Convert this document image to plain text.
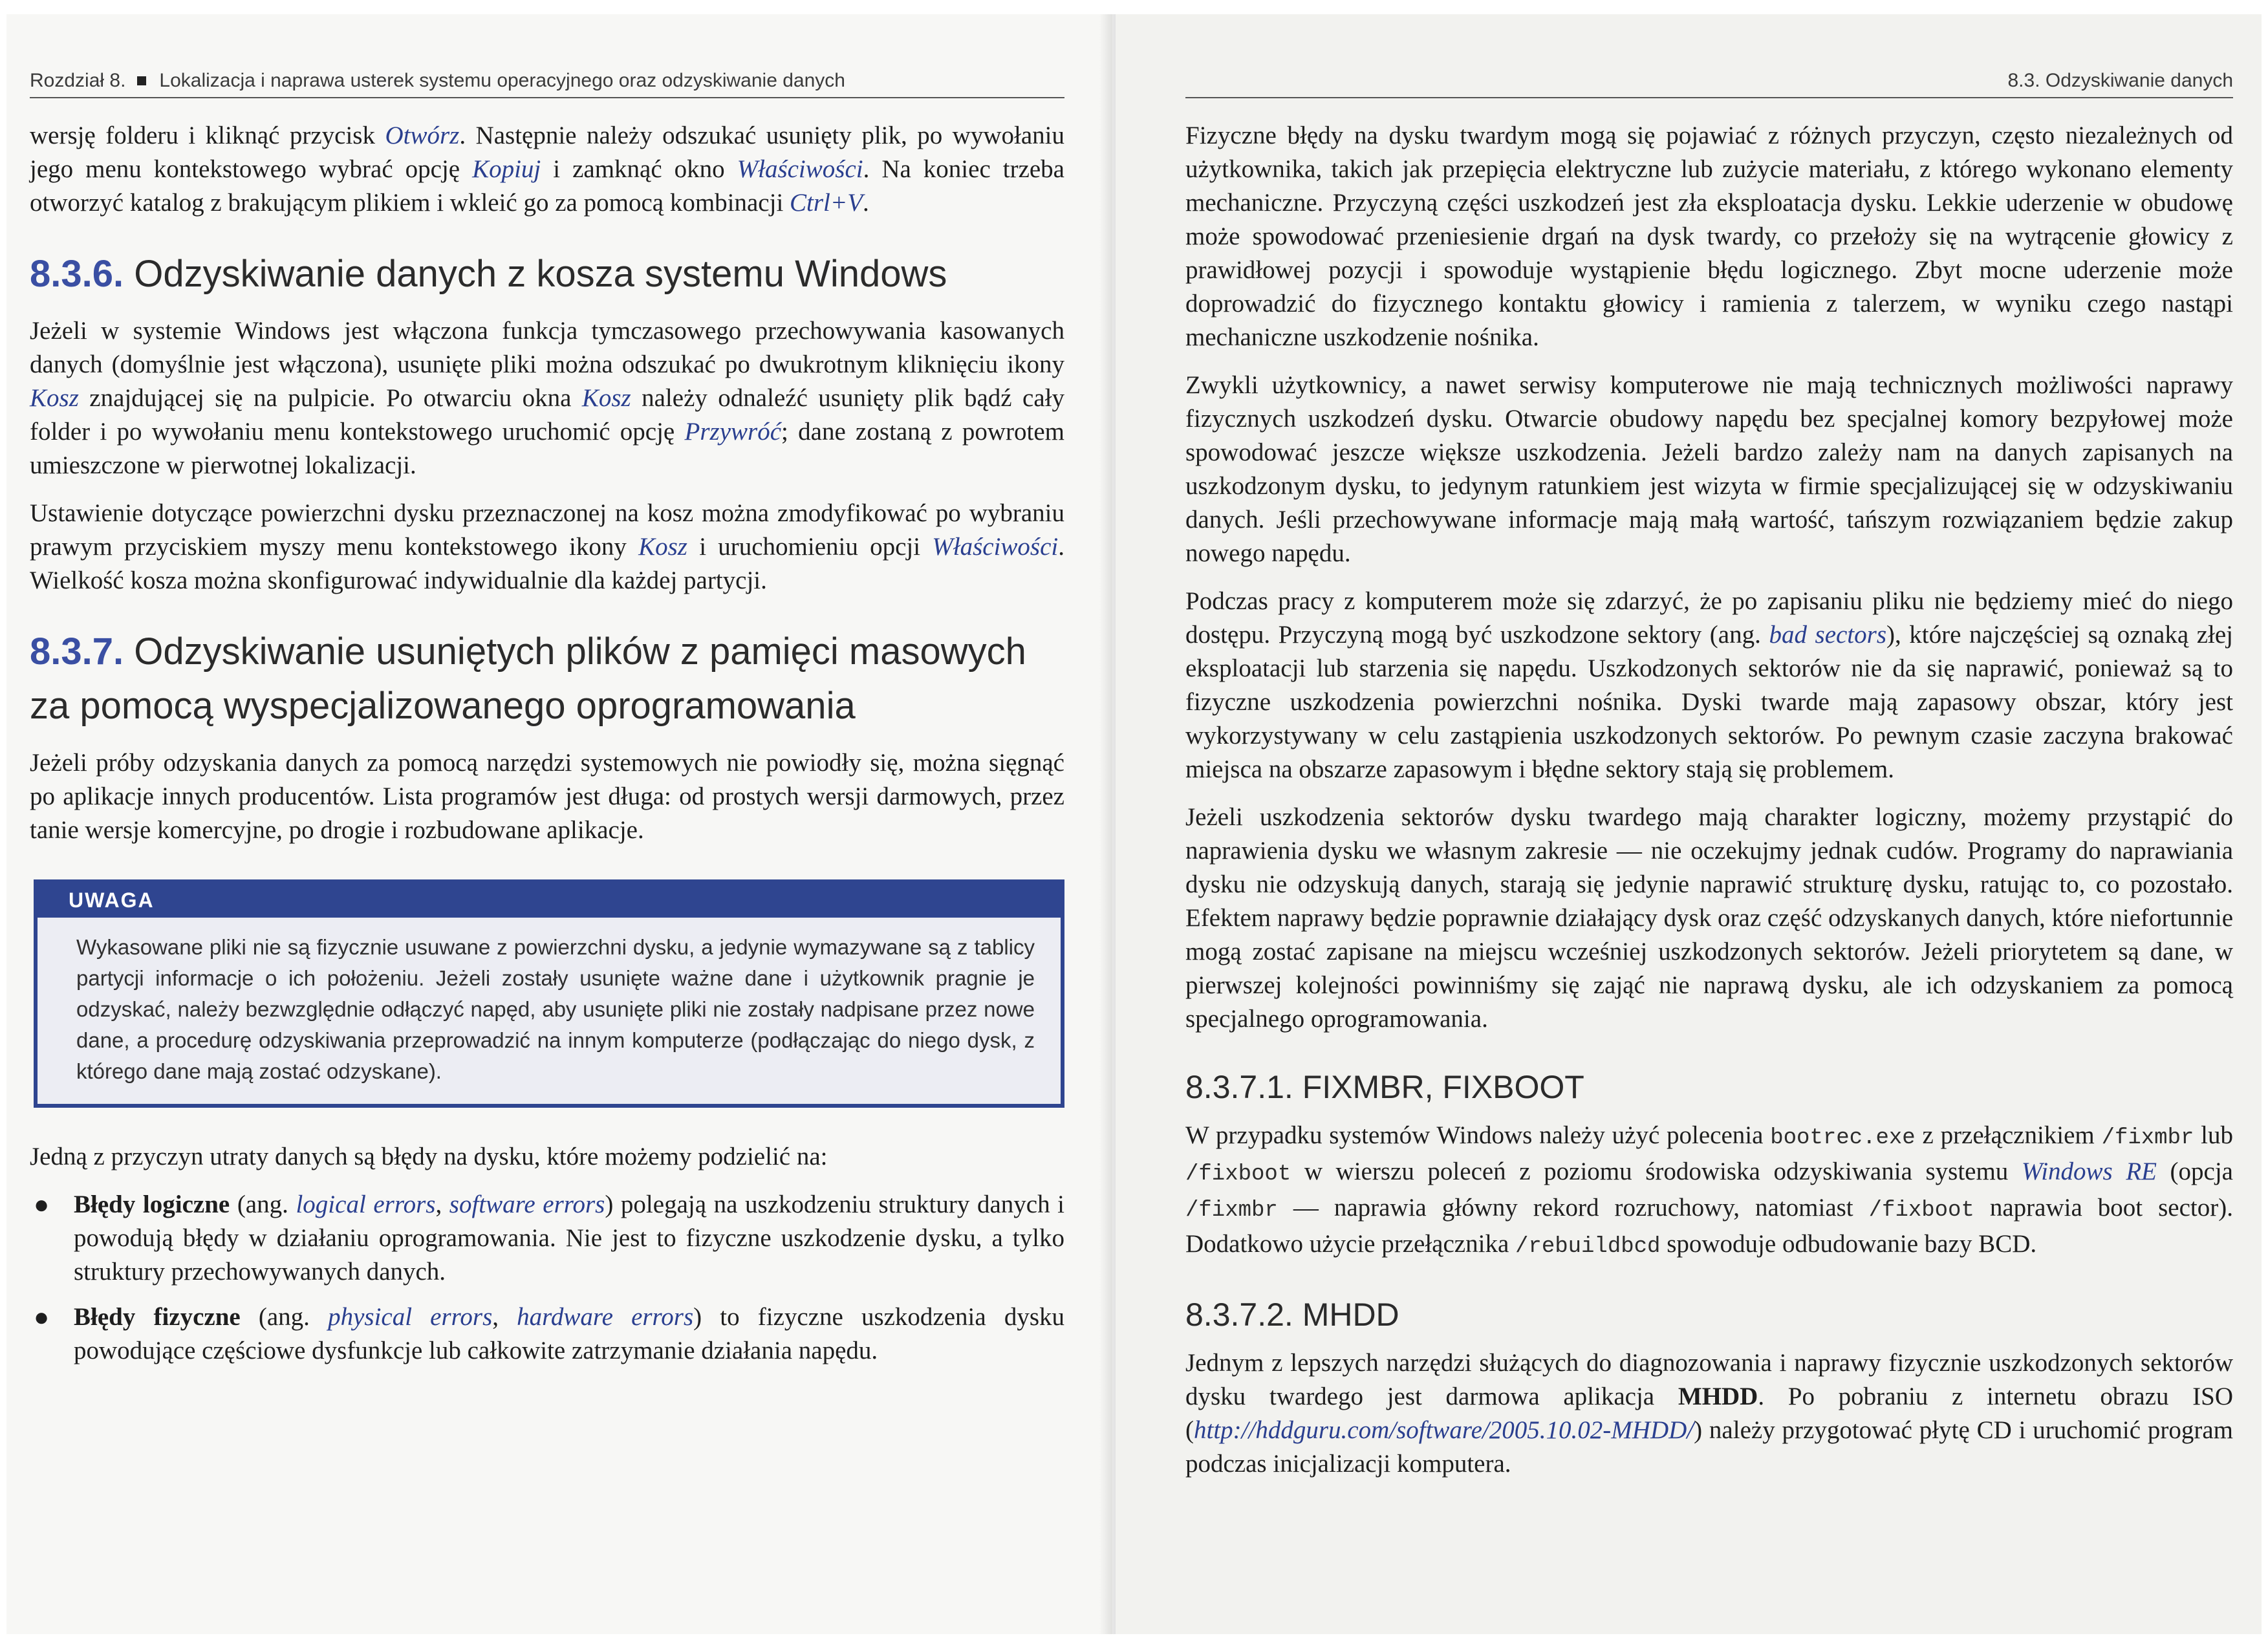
Rozdział 8. Lokalizacja i naprawa usterek systemu operacyjnego oraz odzyskiwanie danych

wersję folderu i kliknąć przycisk Otwórz. Następnie należy odszukać usunięty plik, po wywołaniu jego menu kontekstowego wybrać opcję Kopiuj i zamknąć okno Właściwości. Na koniec trzeba otworzyć katalog z brakującym plikiem i wkleić go za pomocą kombinacji Ctrl+V.

8.3.6. Odzyskiwanie danych z kosza systemu Windows

Jeżeli w systemie Windows jest włączona funkcja tymczasowego przechowywania kasowanych danych (domyślnie jest włączona), usunięte pliki można odszukać po dwukrotnym kliknięciu ikony Kosz znajdującej się na pulpicie. Po otwarciu okna Kosz należy odnaleźć usunięty plik bądź cały folder i po wywołaniu menu kontekstowego uruchomić opcję Przywróć; dane zostaną z powrotem umieszczone w pierwotnej lokalizacji.

Ustawienie dotyczące powierzchni dysku przeznaczonej na kosz można zmodyfikować po wybraniu prawym przyciskiem myszy menu kontekstowego ikony Kosz i uruchomieniu opcji Właściwości. Wielkość kosza można skonfigurować indywidualnie dla każdej partycji.

8.3.7. Odzyskiwanie usuniętych plików z pamięci masowych za pomocą wyspecjalizowanego oprogramowania

Jeżeli próby odzyskania danych za pomocą narzędzi systemowych nie powiodły się, można sięgnąć po aplikacje innych producentów. Lista programów jest długa: od prostych wersji darmowych, przez tanie wersje komercyjne, po drogie i rozbudowane aplikacje.

UWAGA
Wykasowane pliki nie są fizycznie usuwane z powierzchni dysku, a jedynie wymazywane są z tablicy partycji informacje o ich położeniu. Jeżeli zostały usunięte ważne dane i użytkownik pragnie je odzyskać, należy bezwzględnie odłączyć napęd, aby usunięte pliki nie zostały nadpisane przez nowe dane, a procedurę odzyskiwania przeprowadzić na innym komputerze (podłączając do niego dysk, z którego dane mają zostać odzyskane).

Jedną z przyczyn utraty danych są błędy na dysku, które możemy podzielić na:

● Błędy logiczne (ang. logical errors, software errors) polegają na uszkodzeniu struktury danych i powodują błędy w działaniu oprogramowania. Nie jest to fizyczne uszkodzenie dysku, a tylko struktury przechowywanych danych.
● Błędy fizyczne (ang. physical errors, hardware errors) to fizyczne uszkodzenia dysku powodujące częściowe dysfunkcje lub całkowite zatrzymanie działania napędu.
8.3. Odzyskiwanie danych

Fizyczne błędy na dysku twardym mogą się pojawiać z różnych przyczyn, często niezależnych od użytkownika, takich jak przepięcia elektryczne lub zużycie materiału, z którego wykonano elementy mechaniczne. Przyczyną części uszkodzeń jest zła eksploatacja dysku. Lekkie uderzenie w obudowę może spowodować przeniesienie drgań na dysk twardy, co przełoży się na wytrącenie głowicy z prawidłowej pozycji i spowoduje wystąpienie błędu logicznego. Zbyt mocne uderzenie może doprowadzić do fizycznego kontaktu głowicy i ramienia z talerzem, w wyniku czego nastąpi mechaniczne uszkodzenie nośnika.

Zwykli użytkownicy, a nawet serwisy komputerowe nie mają technicznych możliwości naprawy fizycznych uszkodzeń dysku. Otwarcie obudowy napędu bez specjalnej komory bezpyłowej może spowodować jeszcze większe uszkodzenia. Jeżeli bardzo zależy nam na danych zapisanych na uszkodzonym dysku, to jedynym ratunkiem jest wizyta w firmie specjalizującej się w odzyskiwaniu danych. Jeśli przechowywane informacje mają małą wartość, tańszym rozwiązaniem będzie zakup nowego napędu.

Podczas pracy z komputerem może się zdarzyć, że po zapisaniu pliku nie będziemy mieć do niego dostępu. Przyczyną mogą być uszkodzone sektory (ang. bad sectors), które najczęściej są oznaką złej eksploatacji lub starzenia się napędu. Uszkodzonych sektorów nie da się naprawić, ponieważ są to fizyczne uszkodzenia powierzchni nośnika. Dyski twarde mają zapasowy obszar, który jest wykorzystywany w celu zastąpienia uszkodzonych sektorów. Po pewnym czasie zaczyna brakować miejsca na obszarze zapasowym i błędne sektory stają się problemem.

Jeżeli uszkodzenia sektorów dysku twardego mają charakter logiczny, możemy przystąpić do naprawienia dysku we własnym zakresie — nie oczekujmy jednak cudów. Programy do naprawiania dysku nie odzyskują danych, starają się jedynie naprawić strukturę dysku, ratując to, co pozostało. Efektem naprawy będzie poprawnie działający dysk oraz część odzyskanych danych, które niefortunnie mogą zostać zapisane na miejscu wcześniej uszkodzonych sektorów. Jeżeli priorytetem są dane, w pierwszej kolejności powinniśmy się zająć nie naprawą dysku, ale ich odzyskaniem za pomocą specjalnego oprogramowania.

8.3.7.1. FIXMBR, FIXBOOT

W przypadku systemów Windows należy użyć polecenia bootrec.exe z przełącznikiem /fixmbr lub /fixboot w wierszu poleceń z poziomu środowiska odzyskiwania systemu Windows RE (opcja /fixmbr — naprawia główny rekord rozruchowy, natomiast /fixboot naprawia boot sector). Dodatkowo użycie przełącznika /rebuildbcd spowoduje odbudowanie bazy BCD.

8.3.7.2. MHDD

Jednym z lepszych narzędzi służących do diagnozowania i naprawy fizycznie uszkodzonych sektorów dysku twardego jest darmowa aplikacja MHDD. Po pobraniu z internetu obrazu ISO (http://hddguru.com/software/2005.10.02-MHDD/) należy przygotować płytę CD i uruchomić program podczas inicjalizacji komputera.
